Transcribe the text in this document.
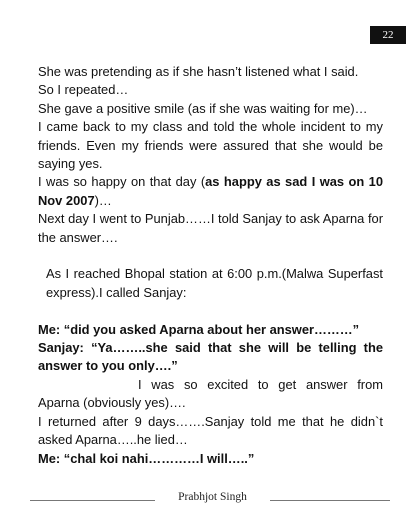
22

She was pretending as if she hasn’t listened what I said.

So I repeated…

She gave a positive smile (as if she was waiting for me)…

I came back to my class and told the whole incident to my friends. Even my friends were assured that she would be saying yes.

I was so happy on that day (as happy as sad I was on 10 Nov 2007)…

Next day I went to Punjab……I told Sanjay to ask Aparna for the answer….

As I reached Bhopal station at 6:00 p.m.(Malwa Superfast express).I called Sanjay:

Me: “did you asked Aparna about her answer………”

Sanjay: “Ya……..she said that she will be telling the answer to you only….”

I was so excited to get answer from Aparna (obviously yes)….

I returned after 9 days…….Sanjay told me that he didn`t asked Aparna…..he lied…

Me: “chal koi nahi…………I will…..”

Prabhjot Singh
